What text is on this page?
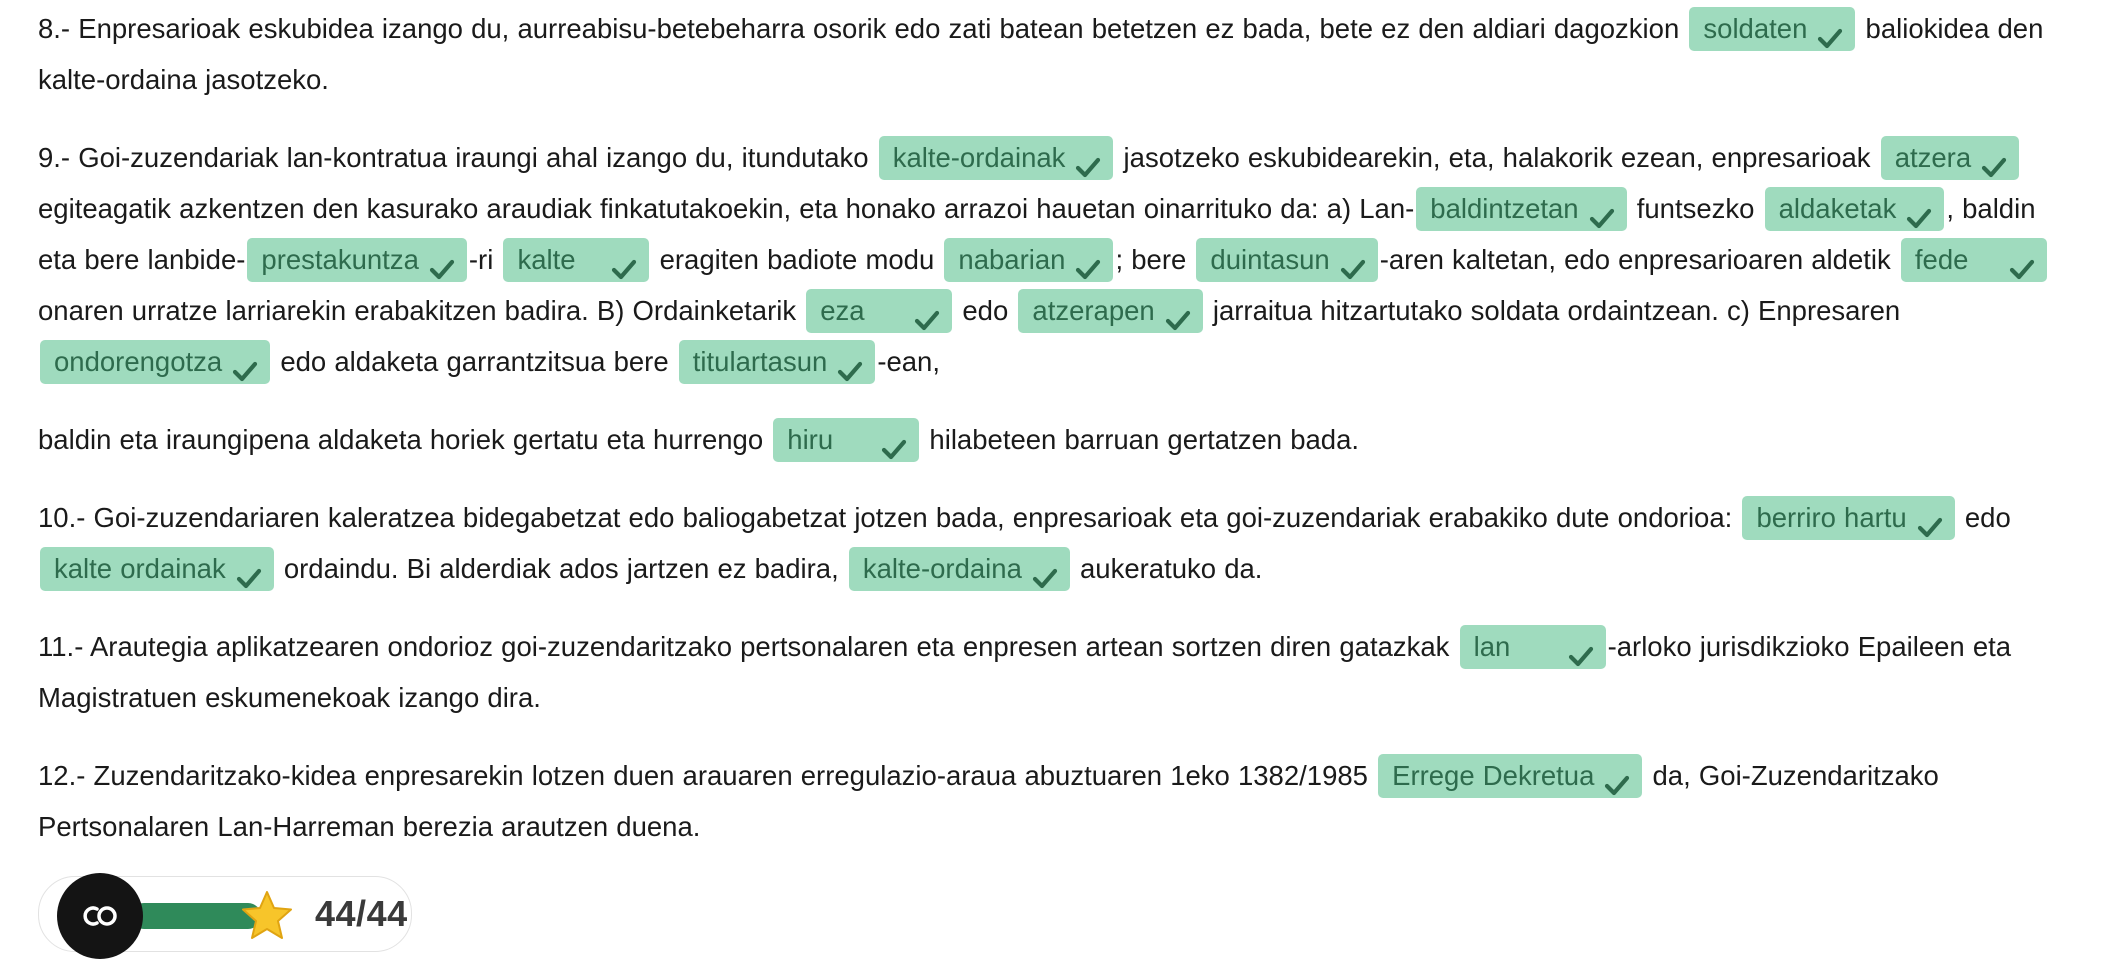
8.- Enpresarioak eskubidea izango du, aurreabisu-betebeharra osorik edo zati batean betetzen ez bada, bete ez den aldiari dagozkion soldaten
baliokidea den kalte-ordaina jasotzeko.

9.- Goi-zuzendariak lan-kontratua iraungi ahal izango du, itundutako kalte-ordainak
jasotzeko eskubidearekin, eta, halakorik ezean, enpresarioak atzera
egiteagatik azkentzen den kasurako araudiak finkatutakoekin, eta honako arrazoi hauetan oinarrituko da: a) Lan- baldintzetan
funtsezko aldaketak , baldin eta bere lanbide- prestakuntza -ri kalte	eragiten badiote modu nabarian ; bere duintasun -aren kaltetan, edo enpresarioaren aldetik fede
onaren urratze larriarekin erabakitzen badira. B) Ordainketarik eza	edo atzerapen
jarraitua hitzartutako soldata ordaintzean. c) Enpresaren ondorengotza
edo aldaketa garrantzitsua bere titulartasun -ean,

baldin eta iraungipena aldaketa horiek gertatu eta hurrengo hiru	hilabeteen barruan gertatzen bada.

10.- Goi-zuzendariaren kaleratzea bidegabetzat edo baliogabetzat jotzen bada, enpresarioak eta goi-zuzendariak erabakiko dute ondorioa: berriro hartu
edo kalte ordainak
ordaindu. Bi alderdiak ados jartzen ez badira, kalte-ordaina
aukeratuko da.

11.- Arautegia aplikatzearen ondorioz goi-zuzendaritzako pertsonalaren eta enpresen artean sortzen diren gatazkak lan	-arloko jurisdikzioko Epaileen eta Magistratuen eskumenekoak izango dira.

12.- Zuzendaritzako-kidea enpresarekin lotzen duen arauaren erregulazio-araua abuztuaren 1eko 1382/1985 Errege Dekretua
da, Goi-Zuzendaritzako Pertsonalaren Lan-Harreman berezia arautzen duena.

44/44
